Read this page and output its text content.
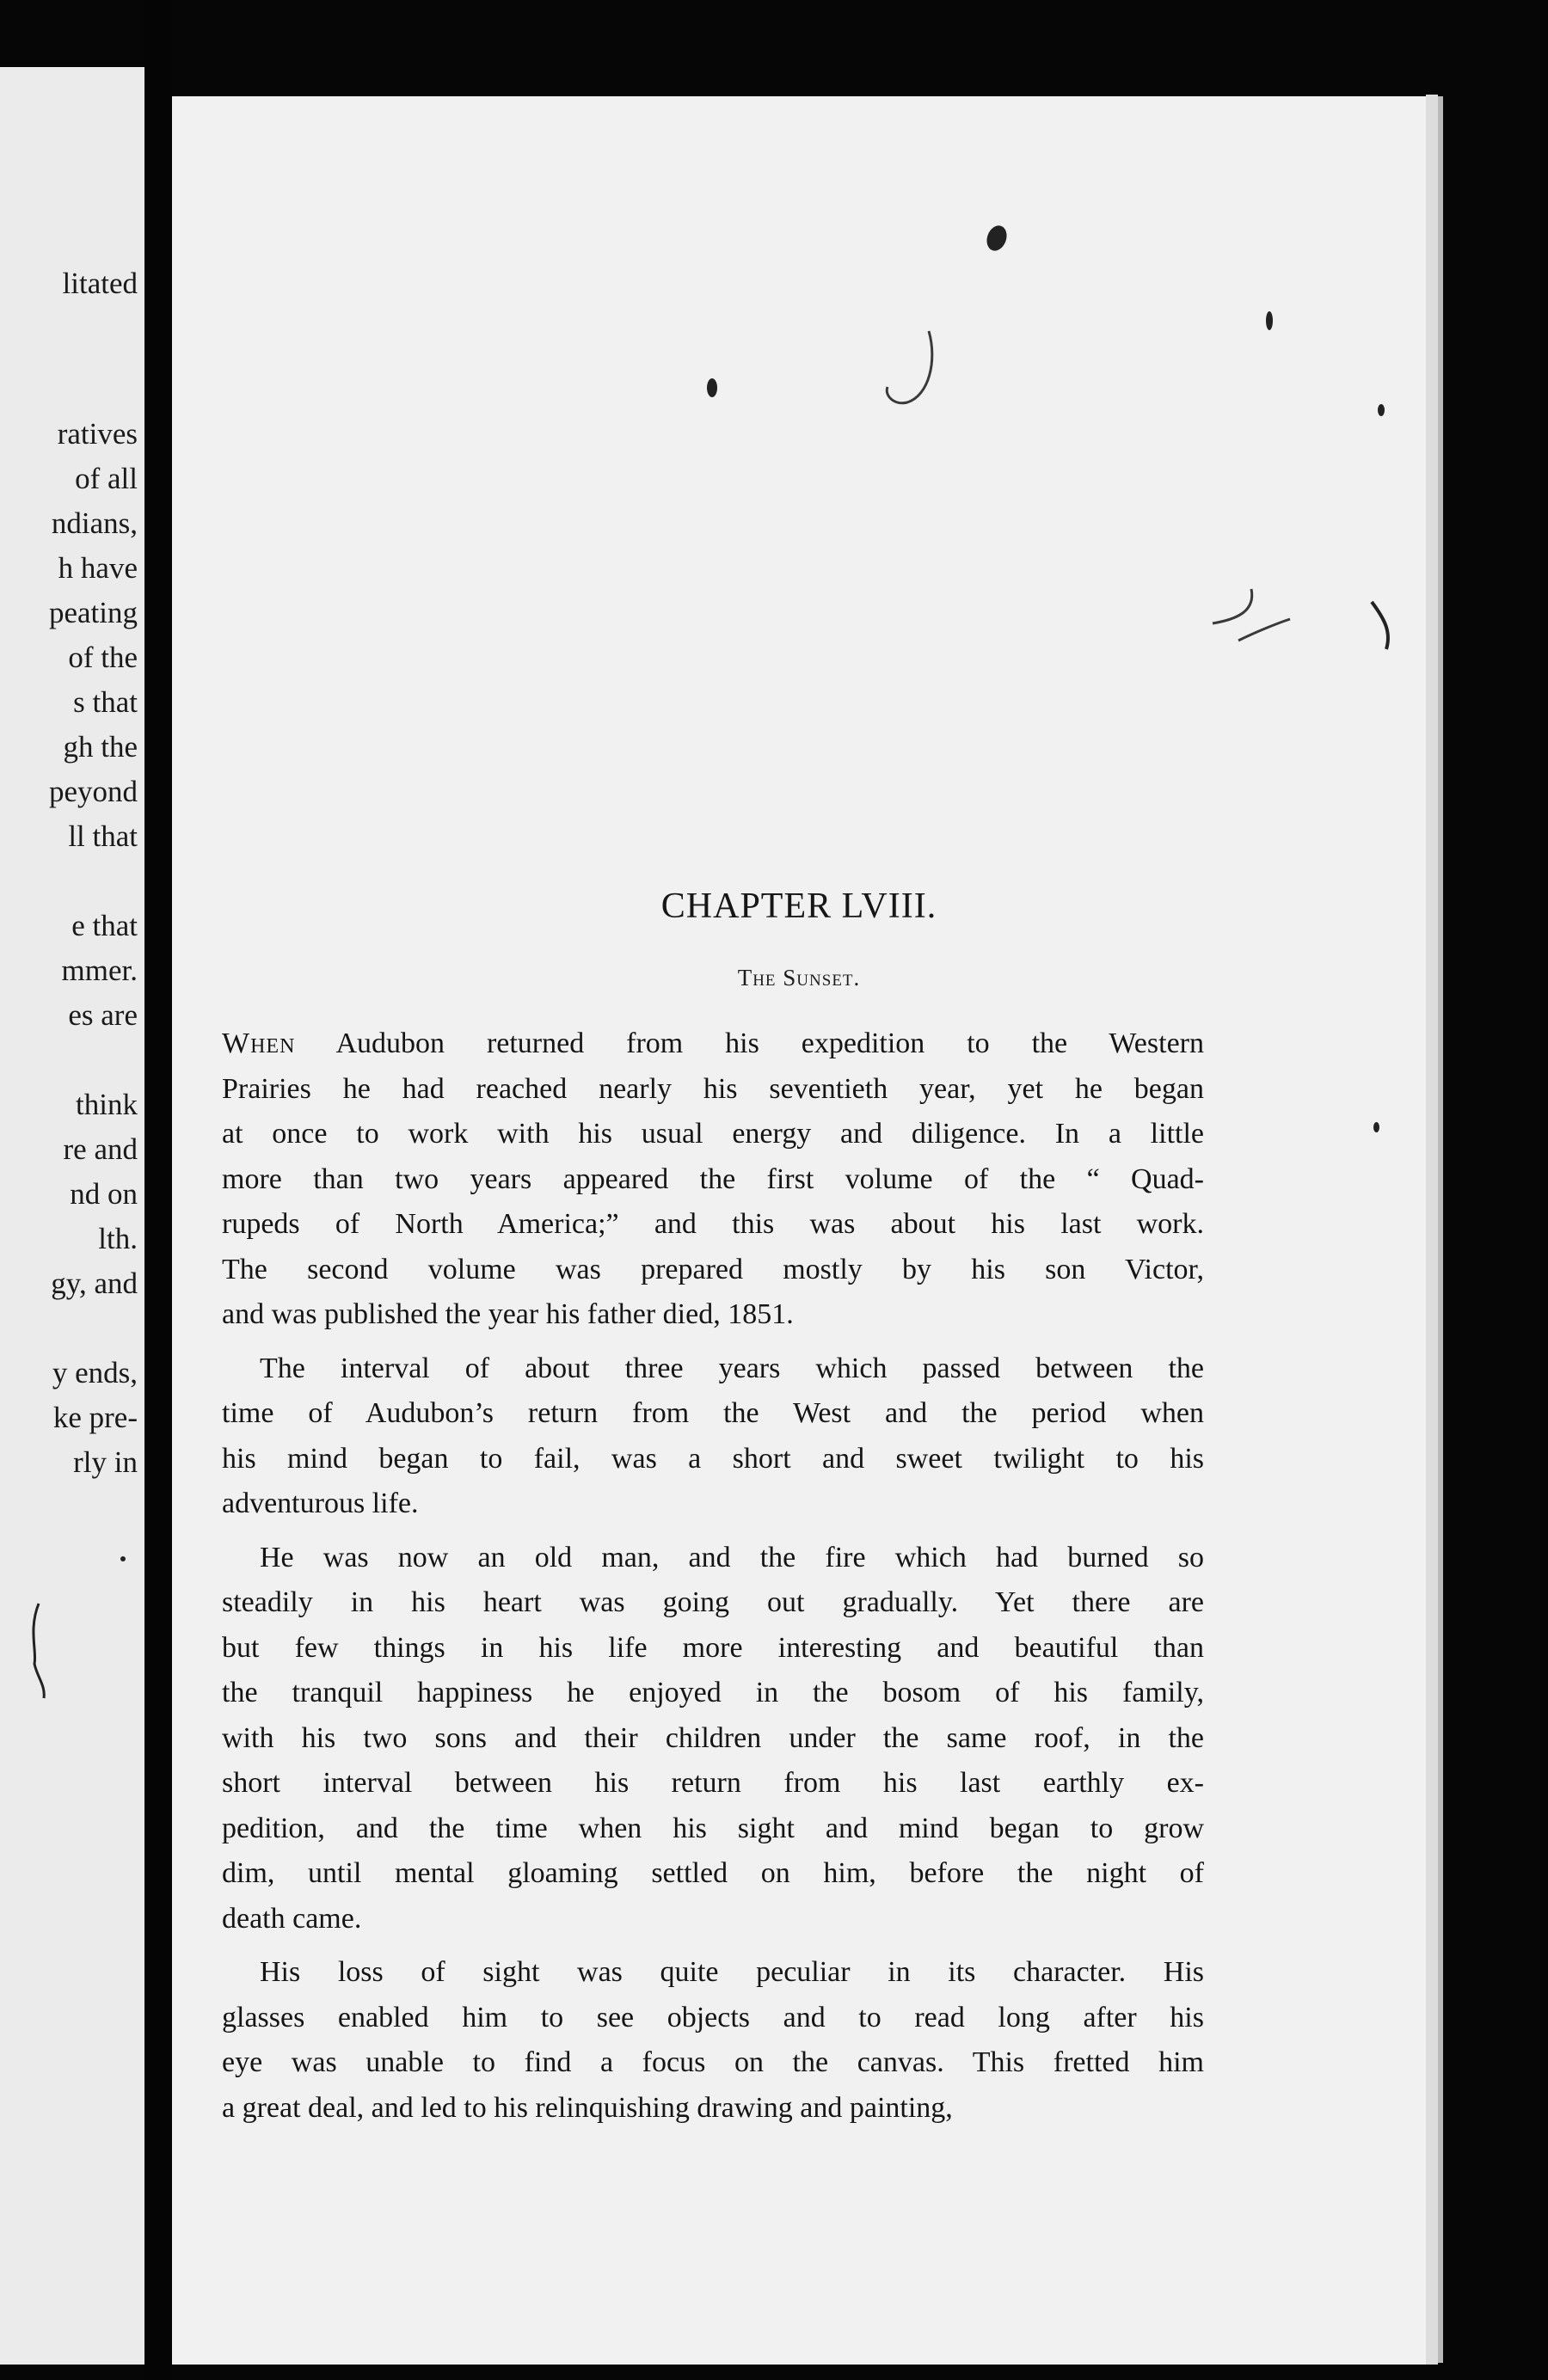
litated
ratives
of all
ndians,
h have
peating
of the
s that
gh the
peyond
ll that
e that
mmer.
es are
think
re and
nd on
lth.
gy, and
y ends,
ke pre-
rly in
CHAPTER LVIII.
The Sunset.
When Audubon returned from his expedition to the Western
Prairies he had reached nearly his seventieth year, yet he began
at once to work with his usual energy and diligence. In a little
more than two years appeared the first volume of the “ Quad-
rupeds of North America;” and this was about his last work.
The second volume was prepared mostly by his son Victor,
and was published the year his father died, 1851.
The interval of about three years which passed between the
time of Audubon’s return from the West and the period when
his mind began to fail, was a short and sweet twilight to his
adventurous life.
He was now an old man, and the fire which had burned so
steadily in his heart was going out gradually. Yet there are
but few things in his life more interesting and beautiful than
the tranquil happiness he enjoyed in the bosom of his family,
with his two sons and their children under the same roof, in the
short interval between his return from his last earthly ex-
pedition, and the time when his sight and mind began to grow
dim, until mental gloaming settled on him, before the night of
death came.
His loss of sight was quite peculiar in its character. His
glasses enabled him to see objects and to read long after his
eye was unable to find a focus on the canvas. This fretted him
a great deal, and led to his relinquishing drawing and painting,
